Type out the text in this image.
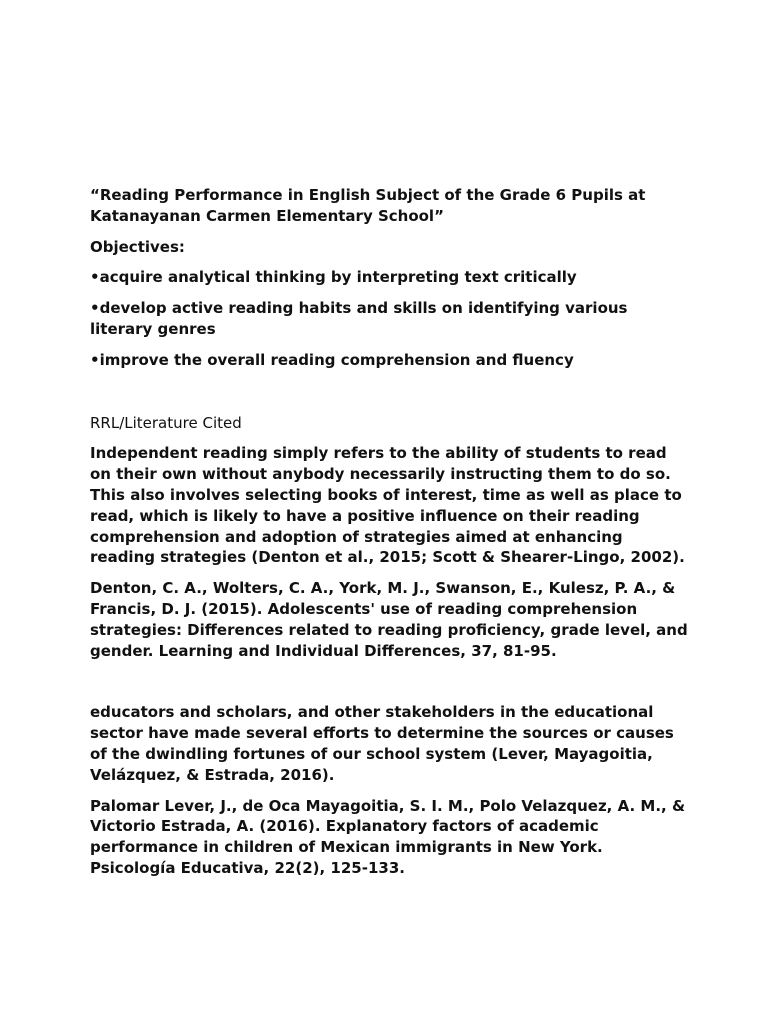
“Reading Performance in English Subject of the Grade 6 Pupils at Katanayanan Carmen Elementary School”

Objectives:

•acquire analytical thinking by interpreting text critically

•develop active reading habits and skills on identifying various literary genres

•improve the overall reading comprehension and fluency

RRL/Literature Cited

Independent reading simply refers to the ability of students to read on their own without anybody necessarily instructing them to do so. This also involves selecting books of interest, time as well as place to read, which is likely to have a positive influence on their reading comprehension and adoption of strategies aimed at enhancing reading strategies (Denton et al., 2015; Scott & Shearer-Lingo, 2002).

Denton, C. A., Wolters, C. A., York, M. J., Swanson, E., Kulesz, P. A., & Francis, D. J. (2015). Adolescents' use of reading comprehension strategies: Differences related to reading proficiency, grade level, and gender. Learning and Individual Differences, 37, 81-95.

educators and scholars, and other stakeholders in the educational sector have made several efforts to determine the sources or causes of the dwindling fortunes of our school system (Lever, Mayagoitia, Velázquez, & Estrada, 2016).

Palomar Lever, J., de Oca Mayagoitia, S. I. M., Polo Velazquez, A. M., & Victorio Estrada, A. (2016). Explanatory factors of academic performance in children of Mexican immigrants in New York. Psicología Educativa, 22(2), 125-133.
